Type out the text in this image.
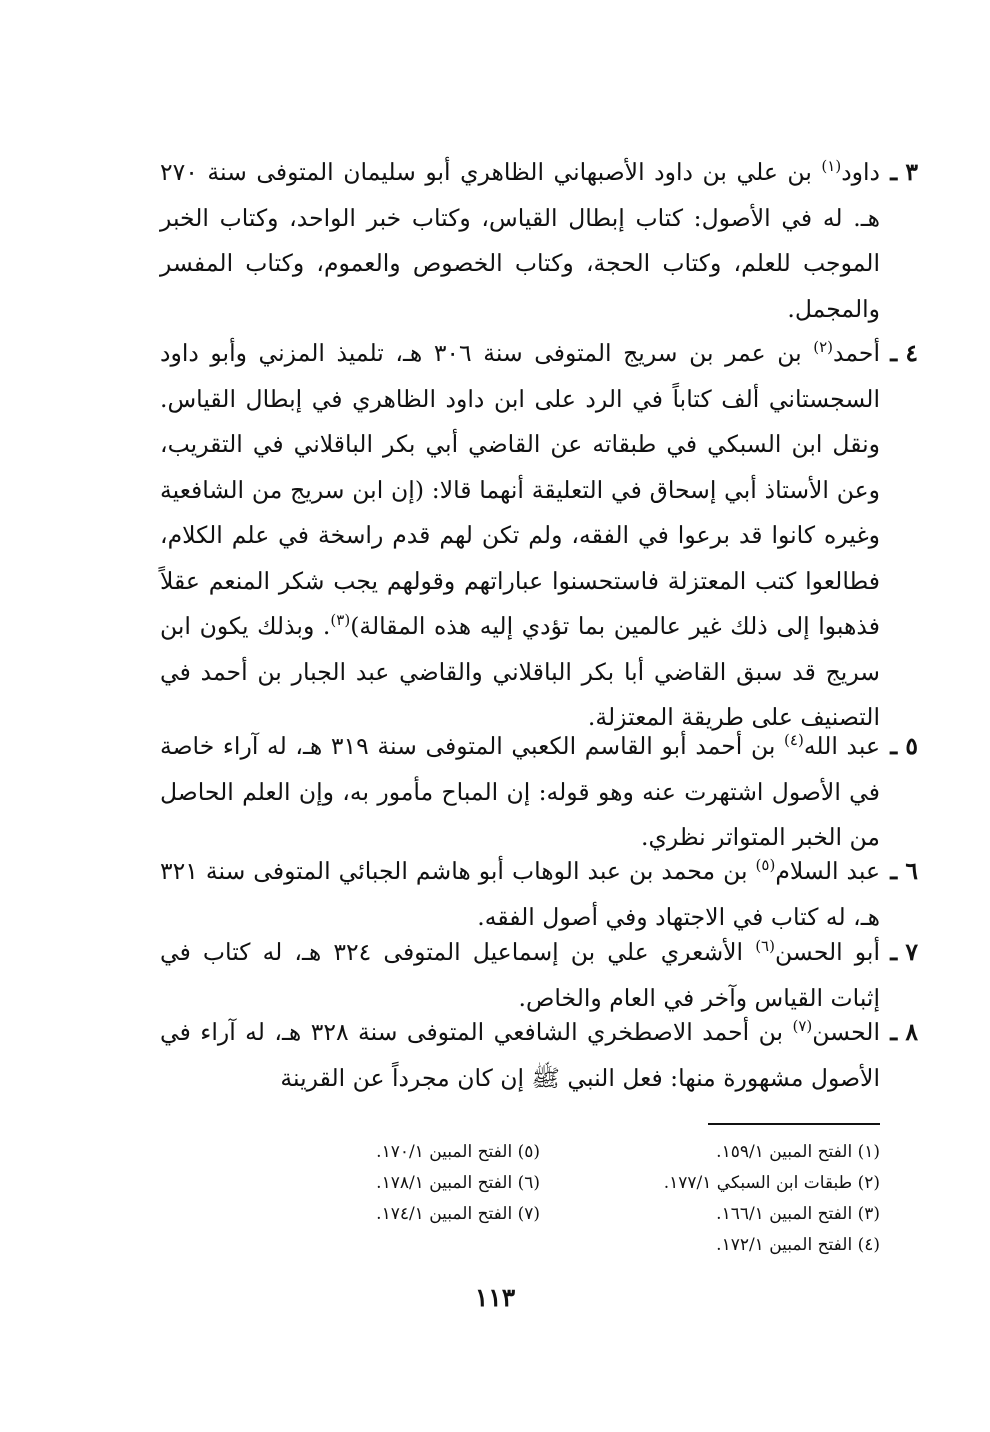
٣ ـ
داود$^{(١)}$ بن علي بن داود الأصبهاني الظاهري أبو سليمان المتوفى سنة ٢٧٠ هـ. له في الأصول: كتاب إبطال القياس، وكتاب خبر الواحد، وكتاب الخبر الموجب للعلم، وكتاب الحجة، وكتاب الخصوص والعموم، وكتاب المفسر والمجمل.
٤ ـ
أحمد$^{(٢)}$ بن عمر بن سريج المتوفى سنة ٣٠٦ هـ، تلميذ المزني وأبو داود السجستاني ألف كتاباً في الرد على ابن داود الظاهري في إبطال القياس. ونقل ابن السبكي في طبقاته عن القاضي أبي بكر الباقلاني في التقريب، وعن الأستاذ أبي إسحاق في التعليقة أنهما قالا: (إن ابن سريج من الشافعية وغيره كانوا قد برعوا في الفقه، ولم تكن لهم قدم راسخة في علم الكلام، فطالعوا كتب المعتزلة فاستحسنوا عباراتهم وقولهم يجب شكر المنعم عقلاً فذهبوا إلى ذلك غير عالمين بما تؤدي إليه هذه المقالة)$^{(٣)}$. وبذلك يكون ابن سريج قد سبق القاضي أبا بكر الباقلاني والقاضي عبد الجبار بن أحمد في التصنيف على طريقة المعتزلة.
٥ ـ
عبد الله$^{(٤)}$ بن أحمد أبو القاسم الكعبي المتوفى سنة ٣١٩ هـ، له آراء خاصة في الأصول اشتهرت عنه وهو قوله: إن المباح مأمور به، وإن العلم الحاصل من الخبر المتواتر نظري.
٦ ـ
عبد السلام$^{(٥)}$ بن محمد بن عبد الوهاب أبو هاشم الجبائي المتوفى سنة ٣٢١ هـ، له كتاب في الاجتهاد وفي أصول الفقه.
٧ ـ
أبو الحسن$^{(٦)}$ الأشعري علي بن إسماعيل المتوفى ٣٢٤ هـ، له كتاب في إثبات القياس وآخر في العام والخاص.
٨ ـ
الحسن$^{(٧)}$ بن أحمد الاصطخري الشافعي المتوفى سنة ٣٢٨ هـ، له آراء في الأصول مشهورة منها: فعل النبي ﷺ إن كان مجرداً عن القرينة
(١) الفتح المبين ١٥٩/١.
(٢) طبقات ابن السبكي ١٧٧/١.
(٣) الفتح المبين ١٦٦/١.
(٤) الفتح المبين ١٧٢/١.
(٥) الفتح المبين ١٧٠/١.
(٦) الفتح المبين ١٧٨/١.
(٧) الفتح المبين ١٧٤/١.
١١٣
